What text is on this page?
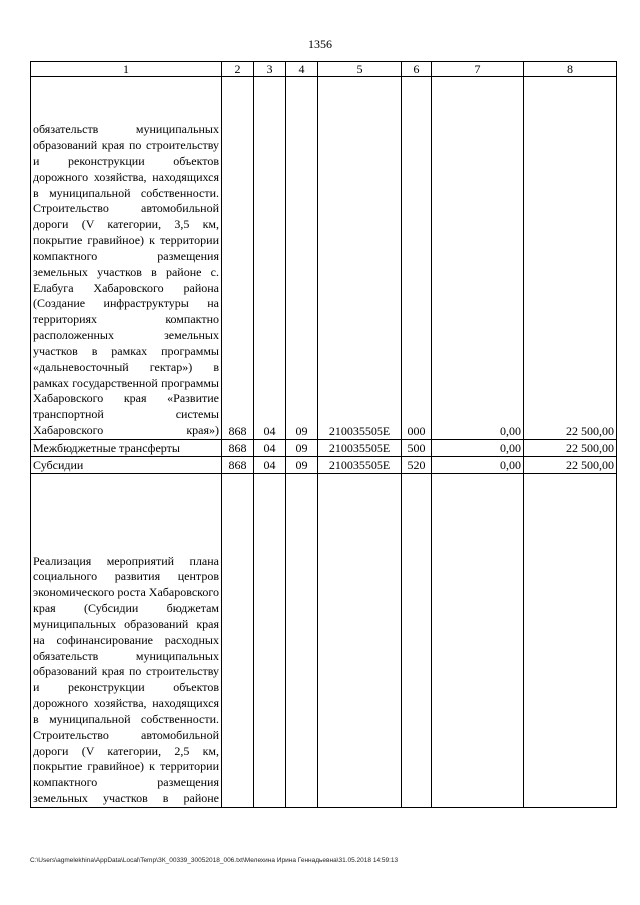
1356
1	2	3	4	5	6	7	8
обязательств муниципальных образований края по строительству и реконструкции объектов дорожного хозяйства, находящихся в муниципальной собственности. Строительство автомобильной дороги (V категории, 3,5 км, покрытие гравийное) к территории компактного размещения земельных участков в районе с. Елабуга Хабаровского района (Создание инфраструктуры на территориях компактно расположенных земельных участков в рамках программы «дальневосточный гектар») в рамках государственной программы Хабаровского края «Развитие транспортной системы Хабаровского края»)	868	04	09	210035505Е	000	0,00	22 500,00
Межбюджетные трансферты	868	04	09	210035505Е	500	0,00	22 500,00
Субсидии	868	04	09	210035505Е	520	0,00	22 500,00
Реализация мероприятий плана социального развития центров экономического роста Хабаровского края (Субсидии бюджетам муниципальных образований края на софинансирование расходных обязательств муниципальных образований края по строительству и реконструкции объектов дорожного хозяйства, находящихся в муниципальной собственности. Строительство автомобильной дороги (V категории, 2,5 км, покрытие гравийное) к территории компактного размещения земельных участков в районе							
C:\Users\agmelekhina\AppData\Local\Temp\ЗК_00339_30052018_006.txt\Мелехина Ирина Геннадьевна\31.05.2018 14:59:13
